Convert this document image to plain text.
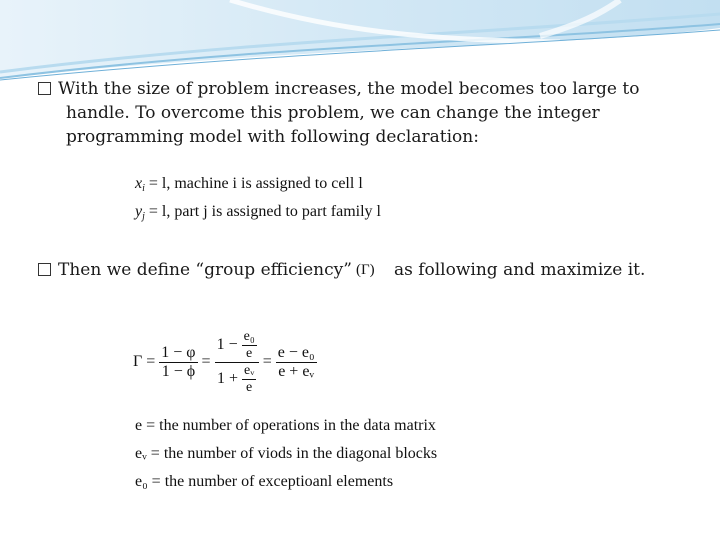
With the size of problem increases, the model becomes too large to
handle. To overcome this problem, we can change the integer
programming model with following declaration:
$x_i = l$, machine i is assigned to cell l
$y_j = l$, part j is assigned to part family l
Then we define “group efficiency” as following and maximize it.
(Γ)
$\Gamma = \frac{1 - \varphi}{1 - \phi} = \frac{1 - \frac{\text{e₀}}{e}}{1 + \frac{\text{eᵥ}}{e}} = \frac{\text{e − e₀}}{\text{e + eᵥ}}$
e = the number of operations in the data matrix
eᵥ = the number of viods in the diagonal blocks
e₀ = the number of exceptioanl elements
